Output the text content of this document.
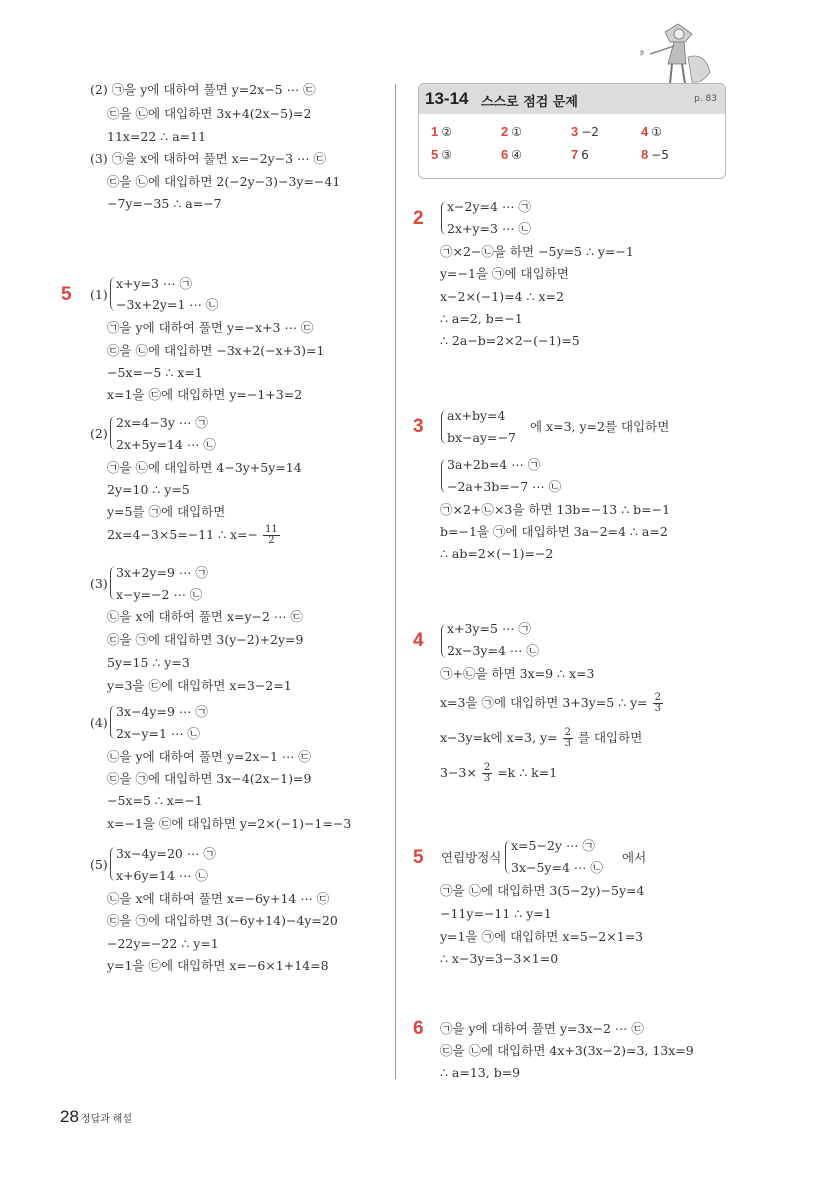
(2) ㉠을 y에 대하여 풀면 y=2x−5 ⋯ ㉢
㉢을 ㉡에 대입하면 3x+4(2x−5)=2
11x=22 ∴ a=11
(3) ㉠을 x에 대하여 풀면 x=−2y−3 ⋯ ㉢
㉢을 ㉡에 대입하면 2(−2y−3)−3y=−41
−7y=−35 ∴ a=−7
5 (1)
x+y=3 ⋯ ㉠
−3x+2y=1 ⋯ ㉡
㉠을 y에 대하여 풀면 y=−x+3 ⋯ ㉢
㉢을 ㉡에 대입하면 −3x+2(−x+3)=1
−5x=−5 ∴ x=1
x=1을 ㉢에 대입하면 y=−1+3=2
(2)
2x=4−3y ⋯ ㉠
2x+5y=14 ⋯ ㉡
㉠을 ㉡에 대입하면 4−3y+5y=14
2y=10 ∴ y=5
y=5를 ㉠에 대입하면
2x=4−3×5=−11 ∴ $x=- \frac{11}{2}$
(3)
3x+2y=9 ⋯ ㉠
x−y=−2 ⋯ ㉡
㉡을 x에 대하여 풀면 x=y−2 ⋯ ㉢
㉢을 ㉠에 대입하면 3(y−2)+2y=9
5y=15 ∴ y=3
y=3을 ㉢에 대입하면 x=3−2=1
(4)
3x−4y=9 ⋯ ㉠
2x−y=1 ⋯ ㉡
㉡을 y에 대하여 풀면 y=2x−1 ⋯ ㉢
㉢을 ㉠에 대입하면 3x−4(2x−1)=9
−5x=5 ∴ x=−1
x=−1을 ㉢에 대입하면 y=2×(−1)−1=−3
(5)
3x−4y=20 ⋯ ㉠
x+6y=14 ⋯ ㉡
㉡을 x에 대하여 풀면 x=−6y+14 ⋯ ㉢
㉢을 ㉠에 대입하면 3(−6y+14)−4y=20
−22y=−22 ∴ y=1
y=1을 ㉢에 대입하면 x=−6×1+14=8
13-14 스스로 점검 문제	p. 83
1 ②	2 ①	3 −2	4 ①
5 ③	6 ④	7 6	8 −5
2
x−2y=4 ⋯ ㉠
2x+y=3 ⋯ ㉡
㉠×2−㉡을 하면 −5y=5 ∴ y=−1
y=−1을 ㉠에 대입하면
x−2×(−1)=4 ∴ x=2
∴ a=2, b=−1
∴ 2a−b=2×2−(−1)=5
3
ax+by=4
bx−ay=−7
에 x=3, y=2를 대입하면
3a+2b=4 ⋯ ㉠
−2a+3b=−7 ⋯ ㉡
㉠×2+㉡×3을 하면 13b=−13 ∴ b=−1
b=−1을 ㉠에 대입하면 3a−2=4 ∴ a=2
∴ ab=2×(−1)=−2
4
x+3y=5 ⋯ ㉠
2x−3y=4 ⋯ ㉡
㉠+㉡을 하면 3x=9 ∴ x=3
x=3을 ㉠에 대입하면 3+3y=5 ∴ $y= \frac{2}{3}$
x−3y=k에 x=3, $y= \frac{2}{3}$ 를 대입하면
$3-3\times \frac{2}{3} =k$ ∴ k=1
5 연립방정식
x=5−2y ⋯ ㉠
3x−5y=4 ⋯ ㉡
에서
㉠을 ㉡에 대입하면 3(5−2y)−5y=4
−11y=−11 ∴ y=1
y=1을 ㉠에 대입하면 x=5−2×1=3
∴ x−3y=3−3×1=0
6 ㉠을 y에 대하여 풀면 y=3x−2 ⋯ ㉢
㉢을 ㉡에 대입하면 4x+3(3x−2)=3, 13x=9
∴ a=13, b=9
28 정답과 해설
